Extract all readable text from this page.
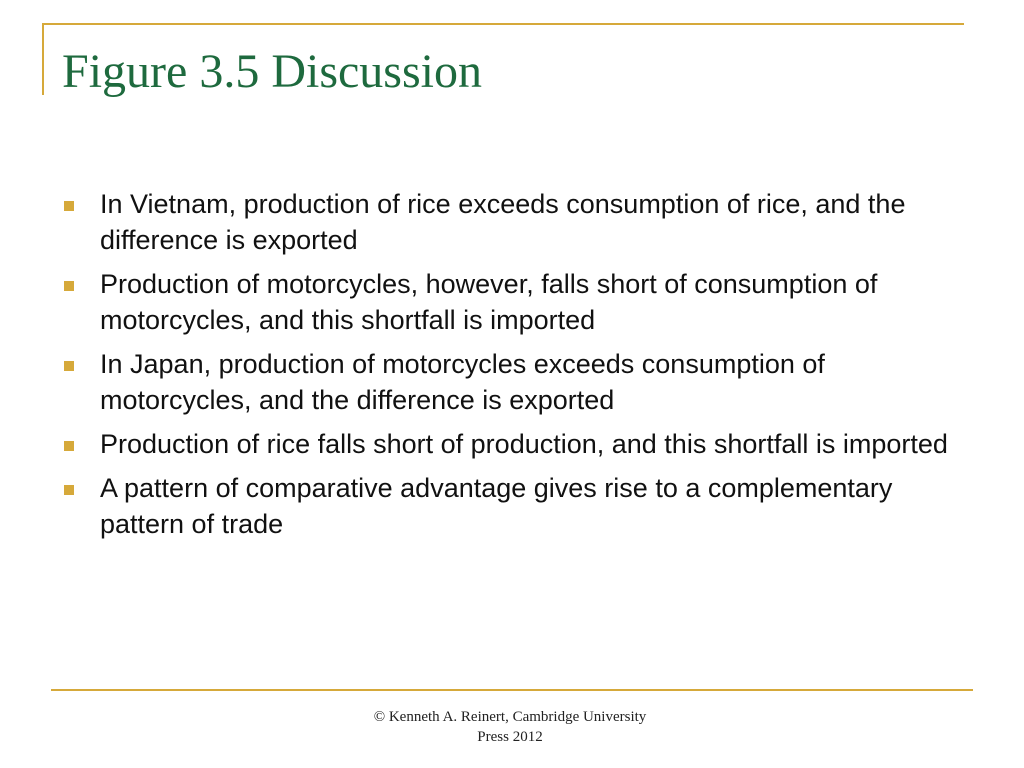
Figure 3.5 Discussion
In Vietnam, production of rice exceeds consumption of rice, and the difference is exported
Production of motorcycles, however, falls short of consumption of motorcycles, and this shortfall is imported
In Japan, production of motorcycles exceeds consumption of motorcycles, and the difference is exported
Production of rice falls short of production, and this shortfall is imported
A pattern of comparative advantage gives rise to a complementary pattern of trade
© Kenneth A. Reinert, Cambridge University
Press 2012
